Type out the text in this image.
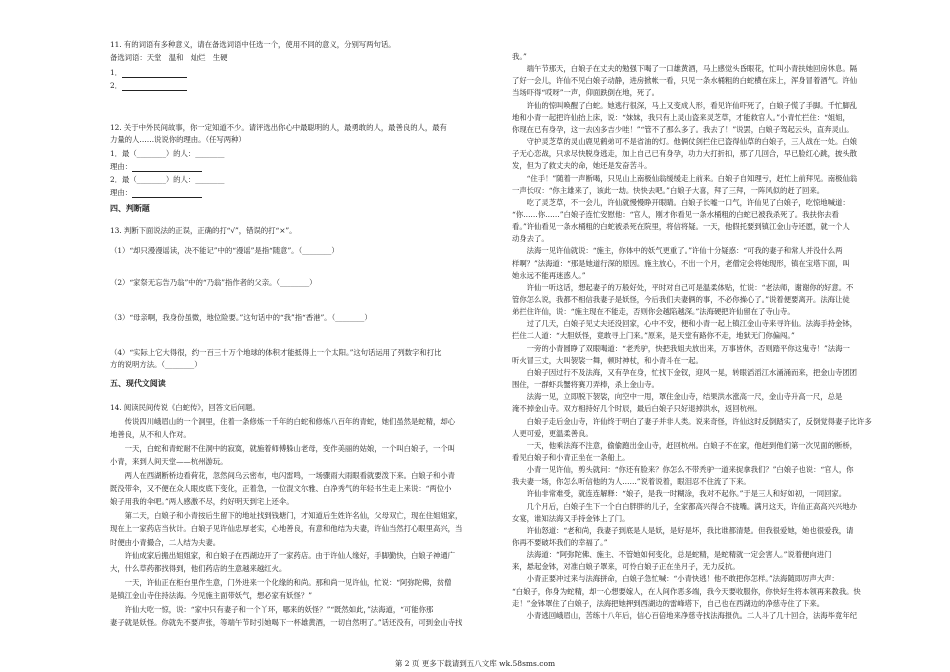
11. 有的词语有多种意义，请在备选词语中任选一个，使用不同的意义，分别写两句话。
备选词语：天堂　温和　灿烂　生硬
1．
2．
12. 关于中外民间故事，你一定知道不少。请评选出你心中最聪明的人，最勇敢的人，最善良的人，最有
力量的人……说说你的理由。（任写两种）
1．最（________）的人：________
理由：
2．最（________）的人：________
理由：
四、判断题
13. 判断下面说法的正误，正确的打“√”，错误的打“×”。
（1）“却只漫漫谣读，决不能记”中的“漫谣”是指“随意”。（________）
（2）“家祭无忘告乃翁”中的“乃翁”指作者的父亲。（________）
（3）“母亲啊，我身份虽微，地位险要。”这句话中的“我”指“香港”。（________）
（4）“实际上它大得很，约一百三十万个地球的体积才能抵得上一个太阳。”这句话运用了列数字和打比
方的说明方法。（________）
五、现代文阅读
14. 阅读民间传说《白蛇传》，回答文后问题。
　　传说四川峨眉山的一个洞里，住着一条修炼一千年的白蛇和修炼八百年的青蛇，她们虽然是蛇精，却心
地善良，从不和人作对。
　　一天，白蛇和青蛇耐不住洞中的寂寞，就施着师傅躲山老母，变作美丽的姑娘，一个叫白娘子，一个叫
小青，来到人间天堂——杭州游玩。
　　两人在西湖断桥边看荷花，忽然间乌云密布，电闪雷鸣，一场骤雨大雨眼看就要泼下来。白娘子和小青
既没带伞，又不便在众人眼皮底下变化，正着急，一位混文尔雅、白净秀气的年轻书生走上来说：“两位小
娘子用我的伞吧。”两人感激不尽，约好明天到宅上还伞。
　　第二天，白娘子和小青按后生留下的地址找到钱塘门，才知道后生姓许名仙，父母双亡，现在住姐姐家，
现在上一家药店当伙计。白娘子见许仙忠厚老实，心地善良，有意和他结为夫妻，许仙当然打心眼里高兴，当
时便由小青撮合，二人结为夫妻。
　　许仙成家后搬出姐姐家，和白娘子在西湖边开了一家药店。由于许仙人缘好，手脚勤快，白娘子神通广
大，什么草药都找得到，他们药店的生意越来越红火。
　　一天，许仙正在柜台里作生意，门外进来一个化缘的和尚。那和尚一见许仙，忙说：“阿弥陀佛，贫僧
是镇江金山寺住持法海。今见施主面带妖气，想必家有妖怪？”
　　许仙大吃一惊，说：“家中只有妻子和一个丫环，哪来的妖怪？”“既然如此，”法海道，“可能你那
妻子就是妖怪。你就先不要声张，等端午节时引她喝下一杯雄黄酒，一切自然明了。”话还没有，可到金山寺找
我。”
　　端午节那天，白娘子在丈夫的勉强下喝了一口雄黄酒，马上感觉头昏眼花，忙叫小青扶她回房休息。隔
了好一会儿，许仙不见白娘子动静，进房掀帐一看，只见一条水桶粗的白蛇横在床上，浑身冒着酒气。许仙
当场吓得“哎呀”一声，仰面跌倒在地，死了。
　　许仙的惊叫唤醒了白蛇。她逃行很深，马上又变成人形，看见许仙吓死了，白娘子慌了手脚。千忙脚乱
地和小青一起把许仙抬上床，说：“妹妹，我只有上灵山盗来灵芝草，才能救官人。”小青忙拦住：“姐姐，
你现在已有身孕，这一去凶多吉少哇！”“管不了那么多了。我去了！”说罢，白娘子驾起云头，直奔灵山。
　　守护灵芝草的灵山鹿见鹤弟可不是省油的灯。他俩仗剑拦住已盗得仙草的白娘子，三人战在一处。白娘
子无心恋战，只求尽快脱身逃走，加上自己已有身孕，功力大打折扣，那了几回合，早已脸红心跳，披头散
发，但为了救丈夫的命，她还是发奋苦斗。
　　“住手！”随着一声断喝，只见山上南极仙翁缓缓走上前来。白娘子自知理亏，赶忙上前拜见。南极仙翁
一声长叹：“你主雄来了，该此一劫。快快去吧。”白娘子大喜，拜了三拜，一阵风似的赶了回来。
　　吃了灵芝草，不一会儿，许仙就慢慢睁开眼睛。白娘子长嘘一口气，许仙见了白娘子，吃惊地喊道：
“你……你……”白娘子连忙安慰他：“官人，刚才你看见一条水桶粗的白蛇已被我杀死了。我扶你去看
看。”许仙看见一条水桶粗的白蛇被杀死在院里，将信将疑。一天，他假托要到镇江金山寺还愿，就一个人
动身去了。
　　法海一见许仙就说：“施主，你体中的妖气更重了。”许仙十分疑惑：“可我的妻子和常人并没什么两
样啊？”法海道：“那是她道行深的原因。施主放心，不出一个月，老僧定会将她现形，镇在宝塔下面，叫
她永远不能再迷惑人。”
　　许仙一听这话，想起妻子的万般好处，平时对自己可是温柔体贴，忙说：“老法师，谢谢你的好意。不
管你怎么说，我都不相信我妻子是妖怪，今后我们夫妻俩的事，不必你操心了。”说着便要离开。法海让徒
弟拦住许仙，说：“施主现在不能走，否则你会越陷越深。”法海硬把许仙留在了寺山寺。
　　过了几天，白娘子见丈夫还没回家，心中不安，便和小青一起上镇江金山寺来寻许仙。法海手持金钵，
拦住二人道：“大胆妖怪，竟敢寻上门来。”原来，是天堂有路你不走，地狱无门你偏闯。”
　　一旁的小青圆睁了双眼喝道：“老秃驴，快把我姐夫放出来，万事皆休，否则踏平你这鬼寺！”法海一
听火冒三丈，大叫袈裟一舞，顿时神杖，和小青斗在一起。
　　白娘子因过行不及法海，又有孕在身，忙找下金钗，迎风一晃，转眼滔滔江水涌涌而来，把金山寺团团
围住，一群虾兵蟹将赛刀弄棒，杀上金山寺。
　　法海一见，立即脱下袈裟，向空中一甩，罩住金山寺，结果洪水涨高一尺，金山寺升高一尺，总是
淹不掉金山寺。双方相持好几个时辰，最后白娘子只好退掉洪水，返回杭州。
　　白娘子走后金山寺，许仙终于明白了妻子并非人类。说来奇怪，许仙这时反倒踏实了，反倒觉得妻子比许多
人更可爱，更温柔善良。
　　一天，他乘法海不注意，偷偷跑出金山寺，赶回杭州。白娘子不在家，他赶到他们第一次见面的断桥，
看见白娘子和小青正坐在一条船上。
　　小青一见许仙，剪头就问：“你还有脸来？你怎么不带秃驴一道来捉拿我们？”白娘子也说：“官人，你
我夫妻一场，你怎么听信他的为人……”说着说着，眼泪忍不住流了下来。
　　许仙非常难受，就连连解释：“娘子，是我一时糊涂，我对不起你。”于是三人和好如初，一同回家。
　　几个月后，白娘子生下一个白白胖胖的儿子，全家都高兴得合不拢嘴。满月这天，许仙正高高兴兴地办
女宴，谁知法海又手持金钵上了门。
　　许仙怒道：“老和尚，我妻子到底是人是妖，是好是坏，我比谁都清楚。但我很爱她，她也很爱我，请
你再不要破坏我们的幸福了。”
　　法海道：“阿弥陀佛、施主、不管她如何变化，总是蛇精，是蛇精就一定会害人。”说着便向进门
来，悬起金钵，对准白娘子罩来，可怜白娘子正在坐月子，无力反抗。
　　小青正要冲过来与法海拼命，白娘子急忙喊：“小青快逃！他不敢把你怎样。”法海随即厉声大声：
“白娘子，你身为蛇精，却一心想要嫁人，在人间作恶多端，我今天要收服你，你快好生将本领再来教我。快
走！”金钵罩住了白娘子，法海把她押到西湖边的雷峰塔下，自己也在西湖边的净慈寺住了下来。
　　小青逃回峨眉山，苦练十八年后，信心百倍地来净慈寺找法海报仇。二人斗了几十回合，法海毕竟年纪
第 2 页 更多下载请到五八文库 wk.58sms.com
